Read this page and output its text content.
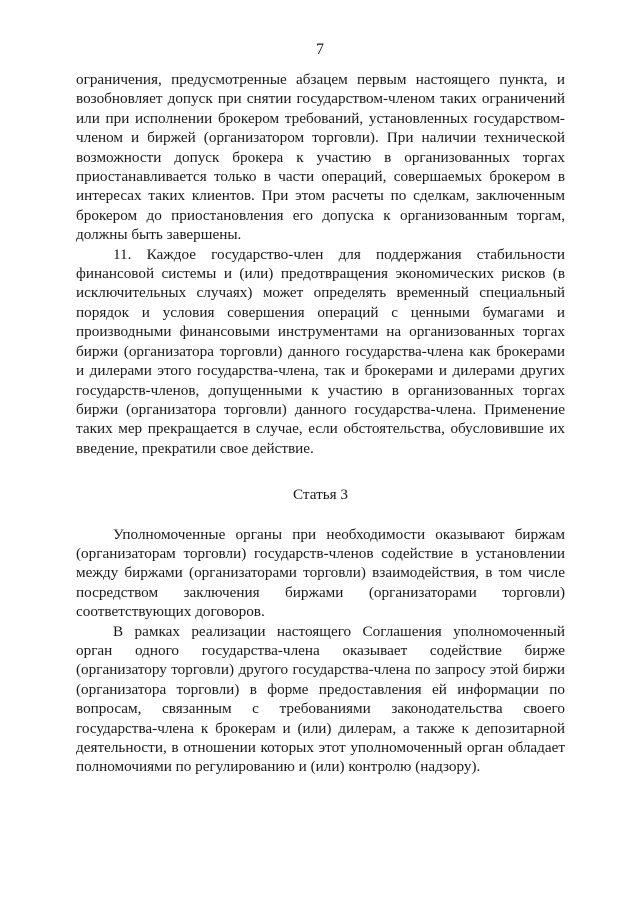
7

ограничения, предусмотренные абзацем первым настоящего пункта, и возобновляет допуск при снятии государством-членом таких ограничений или при исполнении брокером требований, установленных государством-членом и биржей (организатором торговли). При наличии технической возможности допуск брокера к участию в организованных торгах приостанавливается только в части операций, совершаемых брокером в интересах таких клиентов. При этом расчеты по сделкам, заключенным брокером до приостановления его допуска к организованным торгам, должны быть завершены.

11. Каждое государство-член для поддержания стабильности финансовой системы и (или) предотвращения экономических рисков (в исключительных случаях) может определять временный специальный порядок и условия совершения операций с ценными бумагами и производными финансовыми инструментами на организованных торгах биржи (организатора торговли) данного государства-члена как брокерами и дилерами этого государства-члена, так и брокерами и дилерами других государств-членов, допущенными к участию в организованных торгах биржи (организатора торговли) данного государства-члена. Применение таких мер прекращается в случае, если обстоятельства, обусловившие их введение, прекратили свое действие.

Статья 3

Уполномоченные органы при необходимости оказывают биржам (организаторам торговли) государств-членов содействие в установлении между биржами (организаторами торговли) взаимодействия, в том числе посредством заключения биржами (организаторами торговли) соответствующих договоров.

В рамках реализации настоящего Соглашения уполномоченный орган одного государства-члена оказывает содействие бирже (организатору торговли) другого государства-члена по запросу этой биржи (организатора торговли) в форме предоставления ей информации по вопросам, связанным с требованиями законодательства своего государства-члена к брокерам и (или) дилерам, а также к депозитарной деятельности, в отношении которых этот уполномоченный орган обладает полномочиями по регулированию и (или) контролю (надзору).
